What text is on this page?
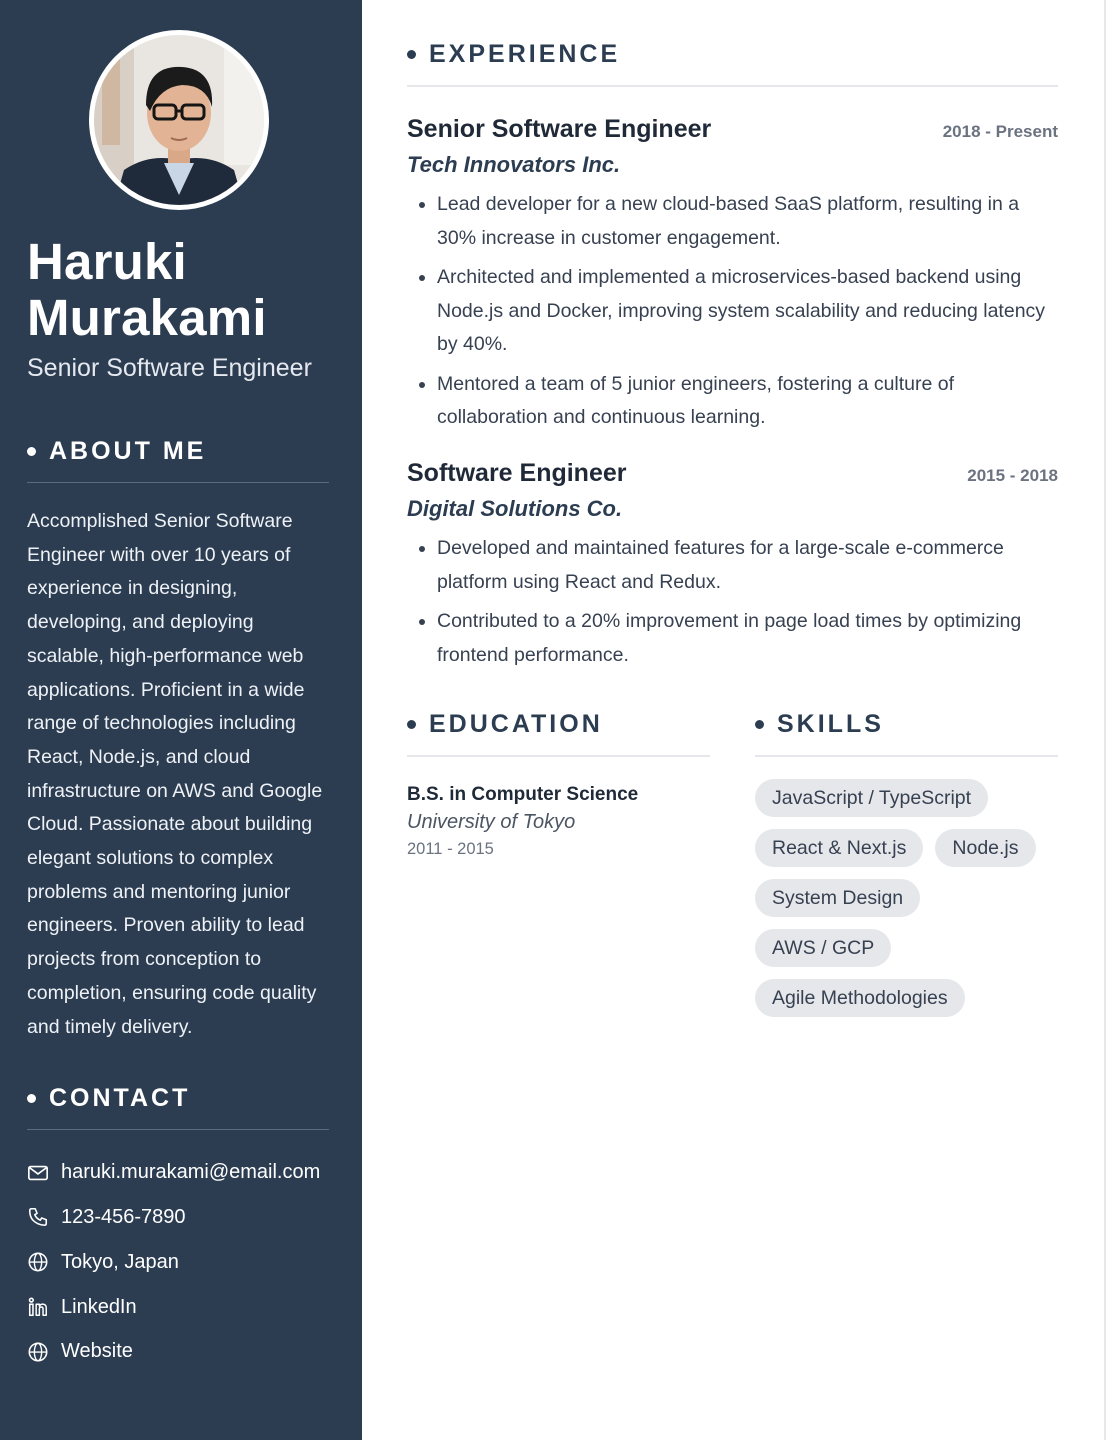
Haruki
Murakami
Senior Software Engineer
ABOUT ME
Accomplished Senior Software Engineer with over 10 years of experience in designing, developing, and deploying scalable, high-performance web applications. Proficient in a wide range of technologies including React, Node.js, and cloud infrastructure on AWS and Google Cloud. Passionate about building elegant solutions to complex problems and mentoring junior engineers. Proven ability to lead projects from conception to completion, ensuring code quality and timely delivery.
CONTACT
haruki.murakami@email.com
123-456-7890
Tokyo, Japan
LinkedIn
Website
EXPERIENCE
Senior Software Engineer	2018 - Present
Tech Innovators Inc.
• Lead developer for a new cloud-based SaaS platform, resulting in a 30% increase in customer engagement.
• Architected and implemented a microservices-based backend using Node.js and Docker, improving system scalability and reducing latency by 40%.
• Mentored a team of 5 junior engineers, fostering a culture of collaboration and continuous learning.
Software Engineer	2015 - 2018
Digital Solutions Co.
• Developed and maintained features for a large-scale e-commerce platform using React and Redux.
• Contributed to a 20% improvement in page load times by optimizing frontend performance.
EDUCATION
B.S. in Computer Science
University of Tokyo
2011 - 2015
SKILLS
JavaScript / TypeScript
React & Next.js	Node.js
System Design
AWS / GCP
Agile Methodologies
